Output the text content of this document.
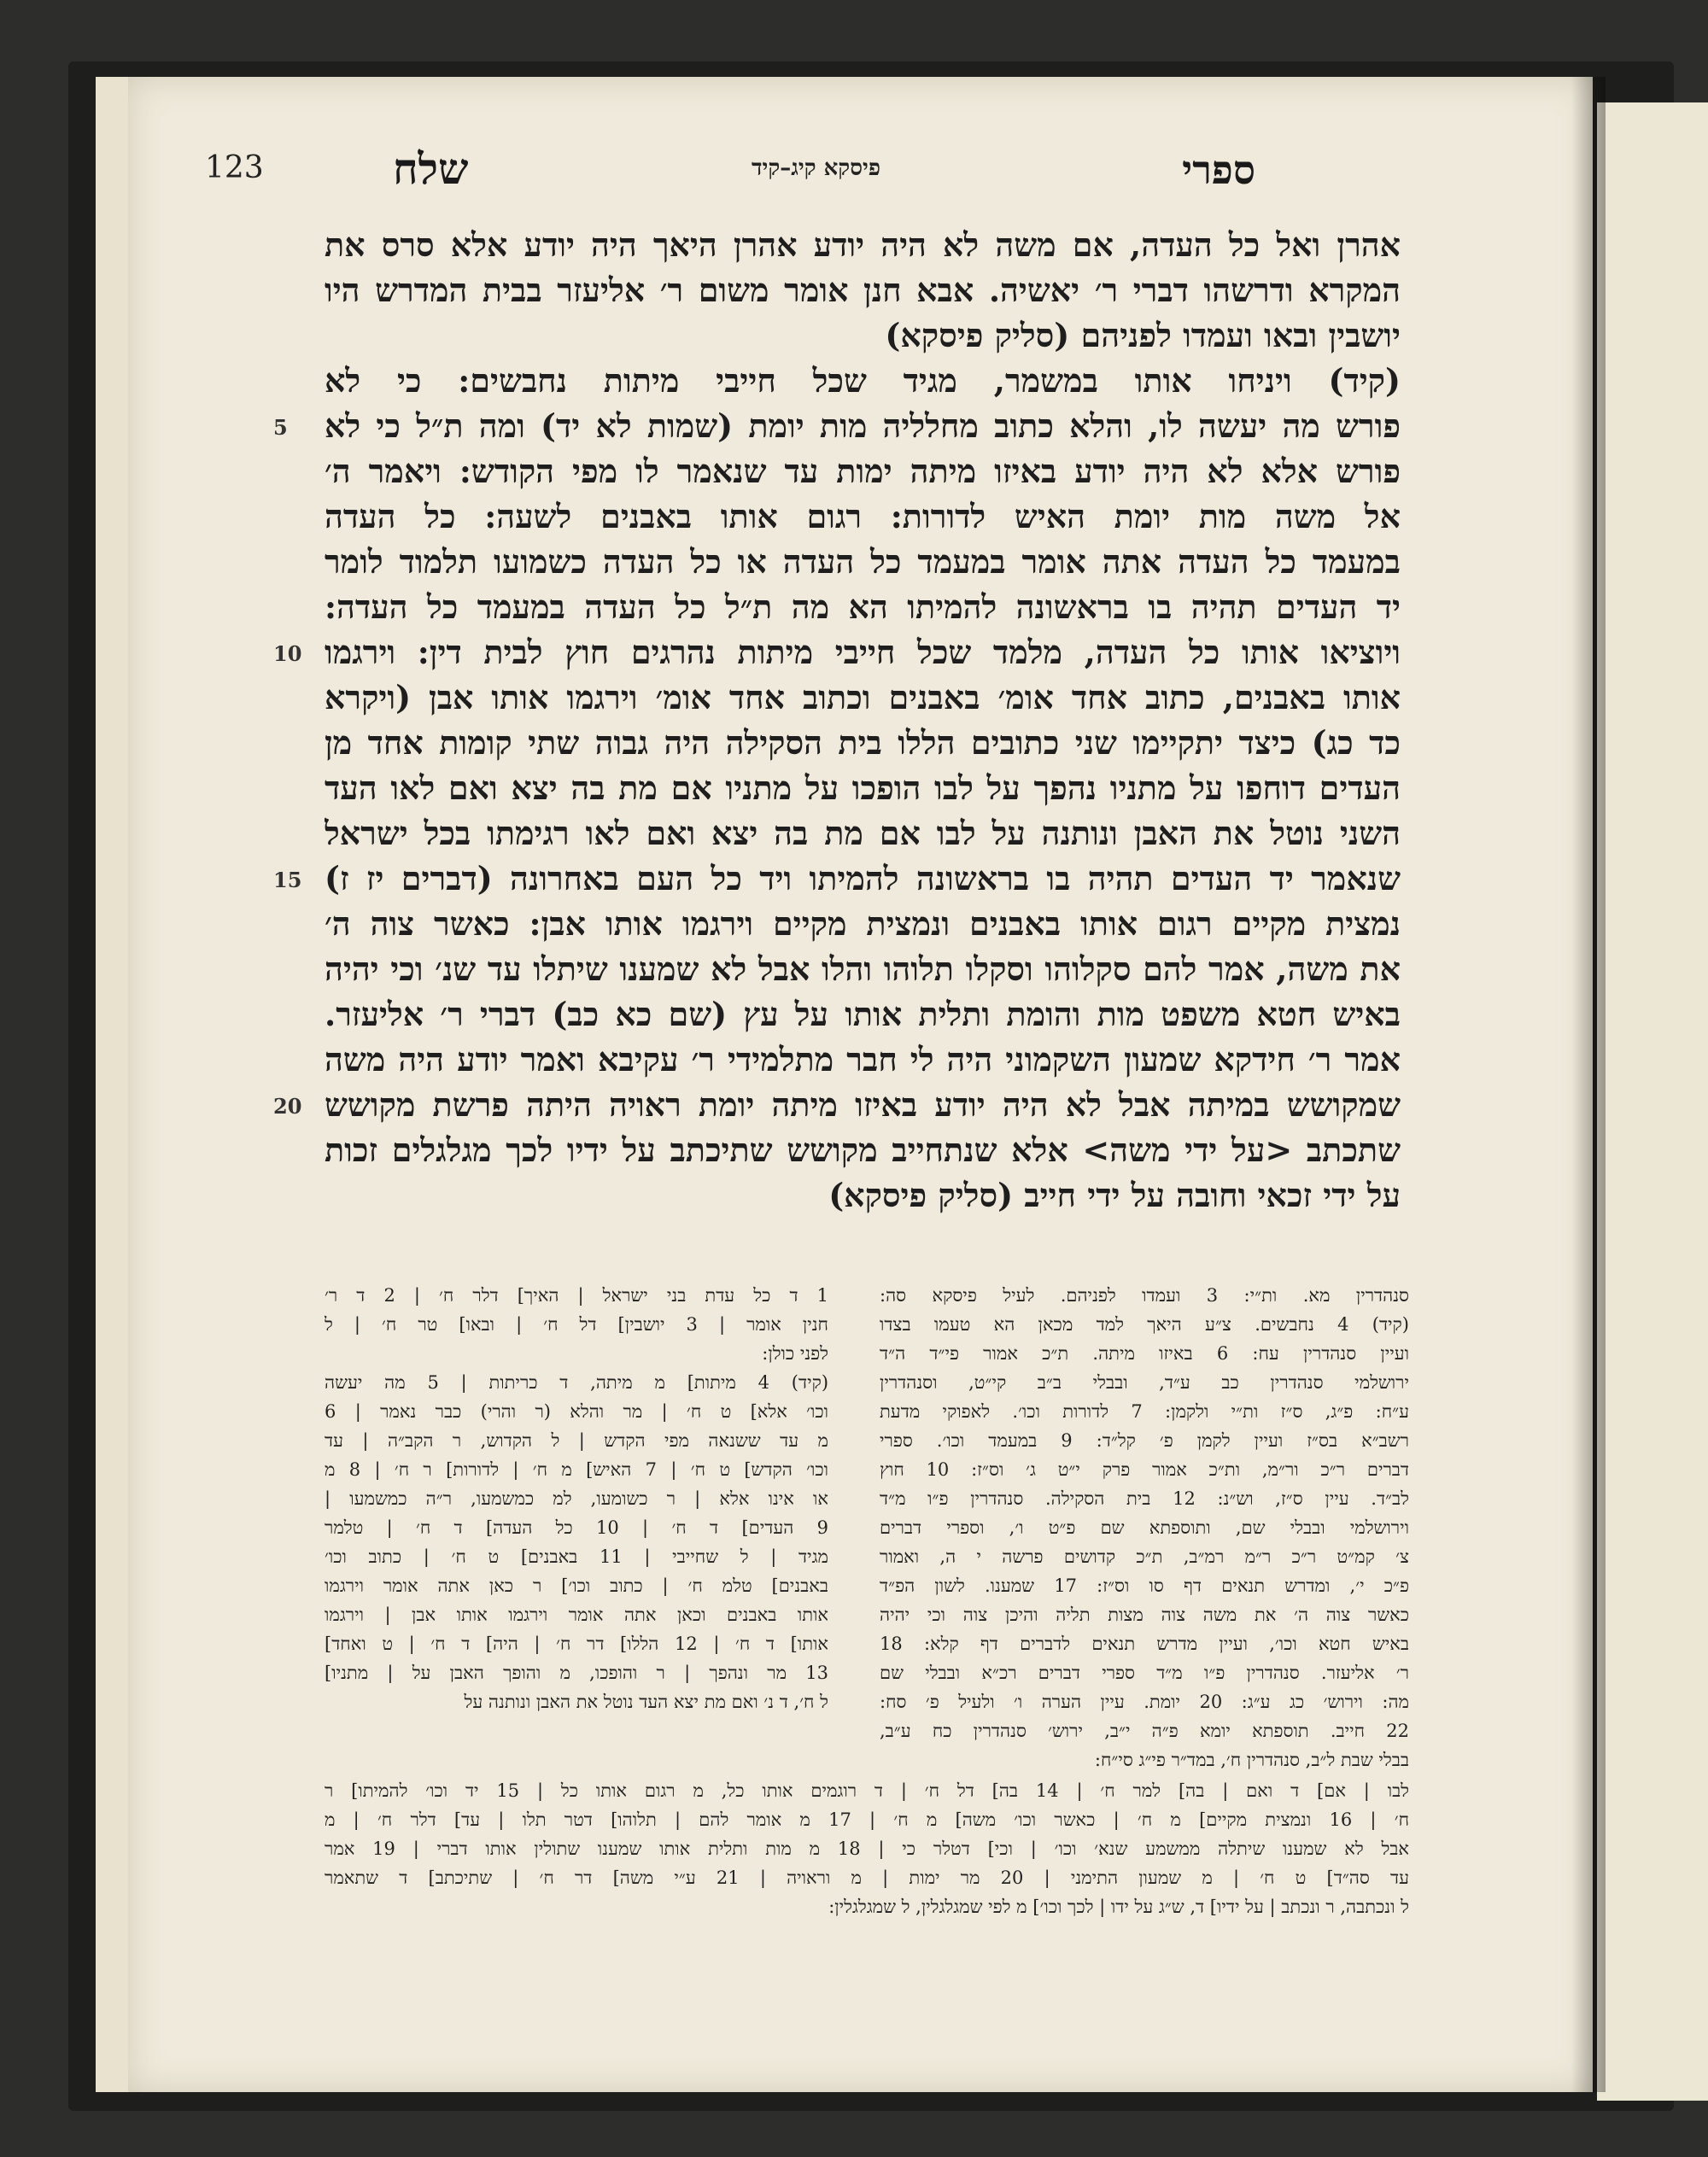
123	שלח	פיסקא קיג–קיד	ספרי
אהרן ואל כל העדה, אם משה לא היה יודע אהרן היאך היה יודע אלא סרס את
המקרא ודרשהו דברי ר׳ יאשיה. אבא חנן אומר משום ר׳ אליעזר בבית המדרש היו
יושבין ובאו ועמדו לפניהם (סליק פיסקא)
(קיד) ויניחו אותו במשמר, מגיד שכל חייבי מיתות נחבשים: כי לא
פורש מה יעשה לו, והלא כתוב מחלליה מות יומת (שמות לא יד) ומה ת״ל כי לא
פורש אלא לא היה יודע באיזו מיתה ימות עד שנאמר לו מפי הקודש: ויאמר ה׳
אל משה מות יומת האיש לדורות: רגום אותו באבנים לשעה: כל העדה
במעמד כל העדה אתה אומר במעמד כל העדה או כל העדה כשמועו תלמוד לומר
יד העדים תהיה בו בראשונה להמיתו הא מה ת״ל כל העדה במעמד כל העדה:
ויוציאו אותו כל העדה, מלמד שכל חייבי מיתות נהרגים חוץ לבית דין: וירגמו
אותו באבנים, כתוב אחד אומ׳ באבנים וכתוב אחד אומ׳ וירגמו אותו אבן (ויקרא
כד כג) כיצד יתקיימו שני כתובים הללו בית הסקילה היה גבוה שתי קומות אחד מן
העדים דוחפו על מתניו נהפך על לבו הופכו על מתניו אם מת בה יצא ואם לאו העד
השני נוטל את האבן ונותנה על לבו אם מת בה יצא ואם לאו רגימתו בכל ישראל
שנאמר יד העדים תהיה בו בראשונה להמיתו ויד כל העם באחרונה (דברים יז ז)
נמצית מקיים רגום אותו באבנים ונמצית מקיים וירגמו אותו אבן: כאשר צוה ה׳
את משה, אמר להם סקלוהו וסקלו תלוהו והלו אבל לא שמענו שיתלו עד שנ׳ וכי יהיה
באיש חטא משפט מות והומת ותלית אותו על עץ (שם כא כב) דברי ר׳ אליעזר.
אמר ר׳ חידקא שמעון השקמוני היה לי חבר מתלמידי ר׳ עקיבא ואמר יודע היה משה
שמקושש במיתה אבל לא היה יודע באיזו מיתה יומת ראויה היתה פרשת מקושש
שתכתב <על ידי משה> אלא שנתחייב מקושש שתיכתב על ידיו לכך מגלגלים זכות
על ידי זכאי וחובה על ידי חייב (סליק פיסקא)
5
10
15
20
סנהדרין מא. ות״י: 3 ועמדו לפניהם. לעיל פיסקא סה:
(קיד) 4 נחבשים. צ״ע היאך למד מכאן הא טעמו בצדו
ועיין סנהדרין עח: 6 באיזו מיתה. ת״כ אמור פי״ד ה״ד
ירושלמי סנהדרין כב ע״ד, ובבלי ב״ב קי״ט, וסנהדרין
ע״ח: פ״ג, ס״ז ות״י ולקמן: 7 לדורות וכו׳. לאפוקי מדעת
רשב״א בס״ז ועיין לקמן פ׳ קל״ד: 9 במעמד וכו׳. ספרי
דברים ר״כ ור״מ, ות״כ אמור פרק י״ט ג׳ וס״ז: 10 חוץ
לב״ד. עיין ס״ז, וש״נ: 12 בית הסקילה. סנהדרין פ״ו מ״ד
וירושלמי ובבלי שם, ותוספתא שם פ״ט ו׳, וספרי דברים
צ׳ קמ״ט ר״כ ר״מ רמ״ב, ת״כ קדושים פרשה י ה, ואמור
פ״כ י׳, ומדרש תנאים דף סו וס״ז: 17 שמענו. לשון הפ״ד
כאשר צוה ה׳ את משה צוה מצות תליה והיכן צוה וכי יהיה
באיש חטא וכו׳, ועיין מדרש תנאים לדברים דף קלא: 18
ר׳ אליעזר. סנהדרין פ״ו מ״ד ספרי דברים רכ״א ובבלי שם
מה: וירוש׳ כג ע״ג: 20 יומת. עיין הערה ו׳ ולעיל פ׳ סח:
22 חייב. תוספתא יומא פ״ה י״ב, ירוש׳ סנהדרין כח ע״ב,
בבלי שבת ל״ב, סנהדרין ח׳, במד״ר פי״ג סי״ח:
1 ד כל עדת בני ישראל | האיך] דלר ח׳ | 2 ד ר׳
חנין אומר | 3 יושבין] דל ח׳ | ובאו] טר ח׳ | ל
לפני כולן:
(קיד) 4 מיתות] מ מיתה, ד כריתות | 5 מה יעשה
וכו׳ אלא] ט ח׳ | מר והלא (ר והרי) כבר נאמר | 6
מ עד ששנאה מפי הקדש | ל הקדוש, ר הקב״ה | עד
וכו׳ הקדש] ט ח׳ | 7 האיש] מ ח׳ | לדורות] ר ח׳ | 8 מ
או אינו אלא | ר כשומעו, למ כמשמעו, ר״ה כמשמעו |
9 העדים] ד ח׳ | 10 כל העדה] ד ח׳ | טלמר
מגיד | ל שחייבי | 11 באבנים] ט ח׳ | כתוב וכו׳
באבנים] טלמ ח׳ | כתוב וכו׳] ר כאן אתה אומר וירגמו
אותו באבנים וכאן אתה אומר וירגמו אותו אבן | וירגמו
אותו] ד ח׳ | 12 הללו] דר ח׳ | היה] ד ח׳ | ט ואחד]
13 מר ונהפך | ר והופכו, מ והופך האבן על | מתניו]
ל ח׳, ד נ׳ ואם מת יצא העד נוטל את האבן ונותנה על
לבו | אם] ד ואם | בה] למר ח׳ | 14 בה] דל ח׳ | ד רוגמים אותו כל, מ רגום אותו כל | 15 יד וכו׳ להמיתו] ר
ח׳ | 16 ונמצית מקיים] מ ח׳ | כאשר וכו׳ משה] מ ח׳ | 17 מ אומר להם | תלוהו] דטר תלו | עד] דלר ח׳ | מ
אבל לא שמענו שיתלה ממשמע שנא׳ וכו׳ | וכי] דטלר כי | 18 מ מות ותלית אותו שמענו שתולין אותו דברי | 19 אמר
עד סה״ד] ט ח׳ | מ שמעון התימני | 20 מר ימות | מ וראויה | 21 ע״י משה] דר ח׳ | שתיכתב] ד שתאמר
ל ונכתבה, ר ונכתב | על ידיו] ד, ש״ג על ידו | לכך וכו׳] מ לפי שמגלגלין, ל שמגלגלין:
